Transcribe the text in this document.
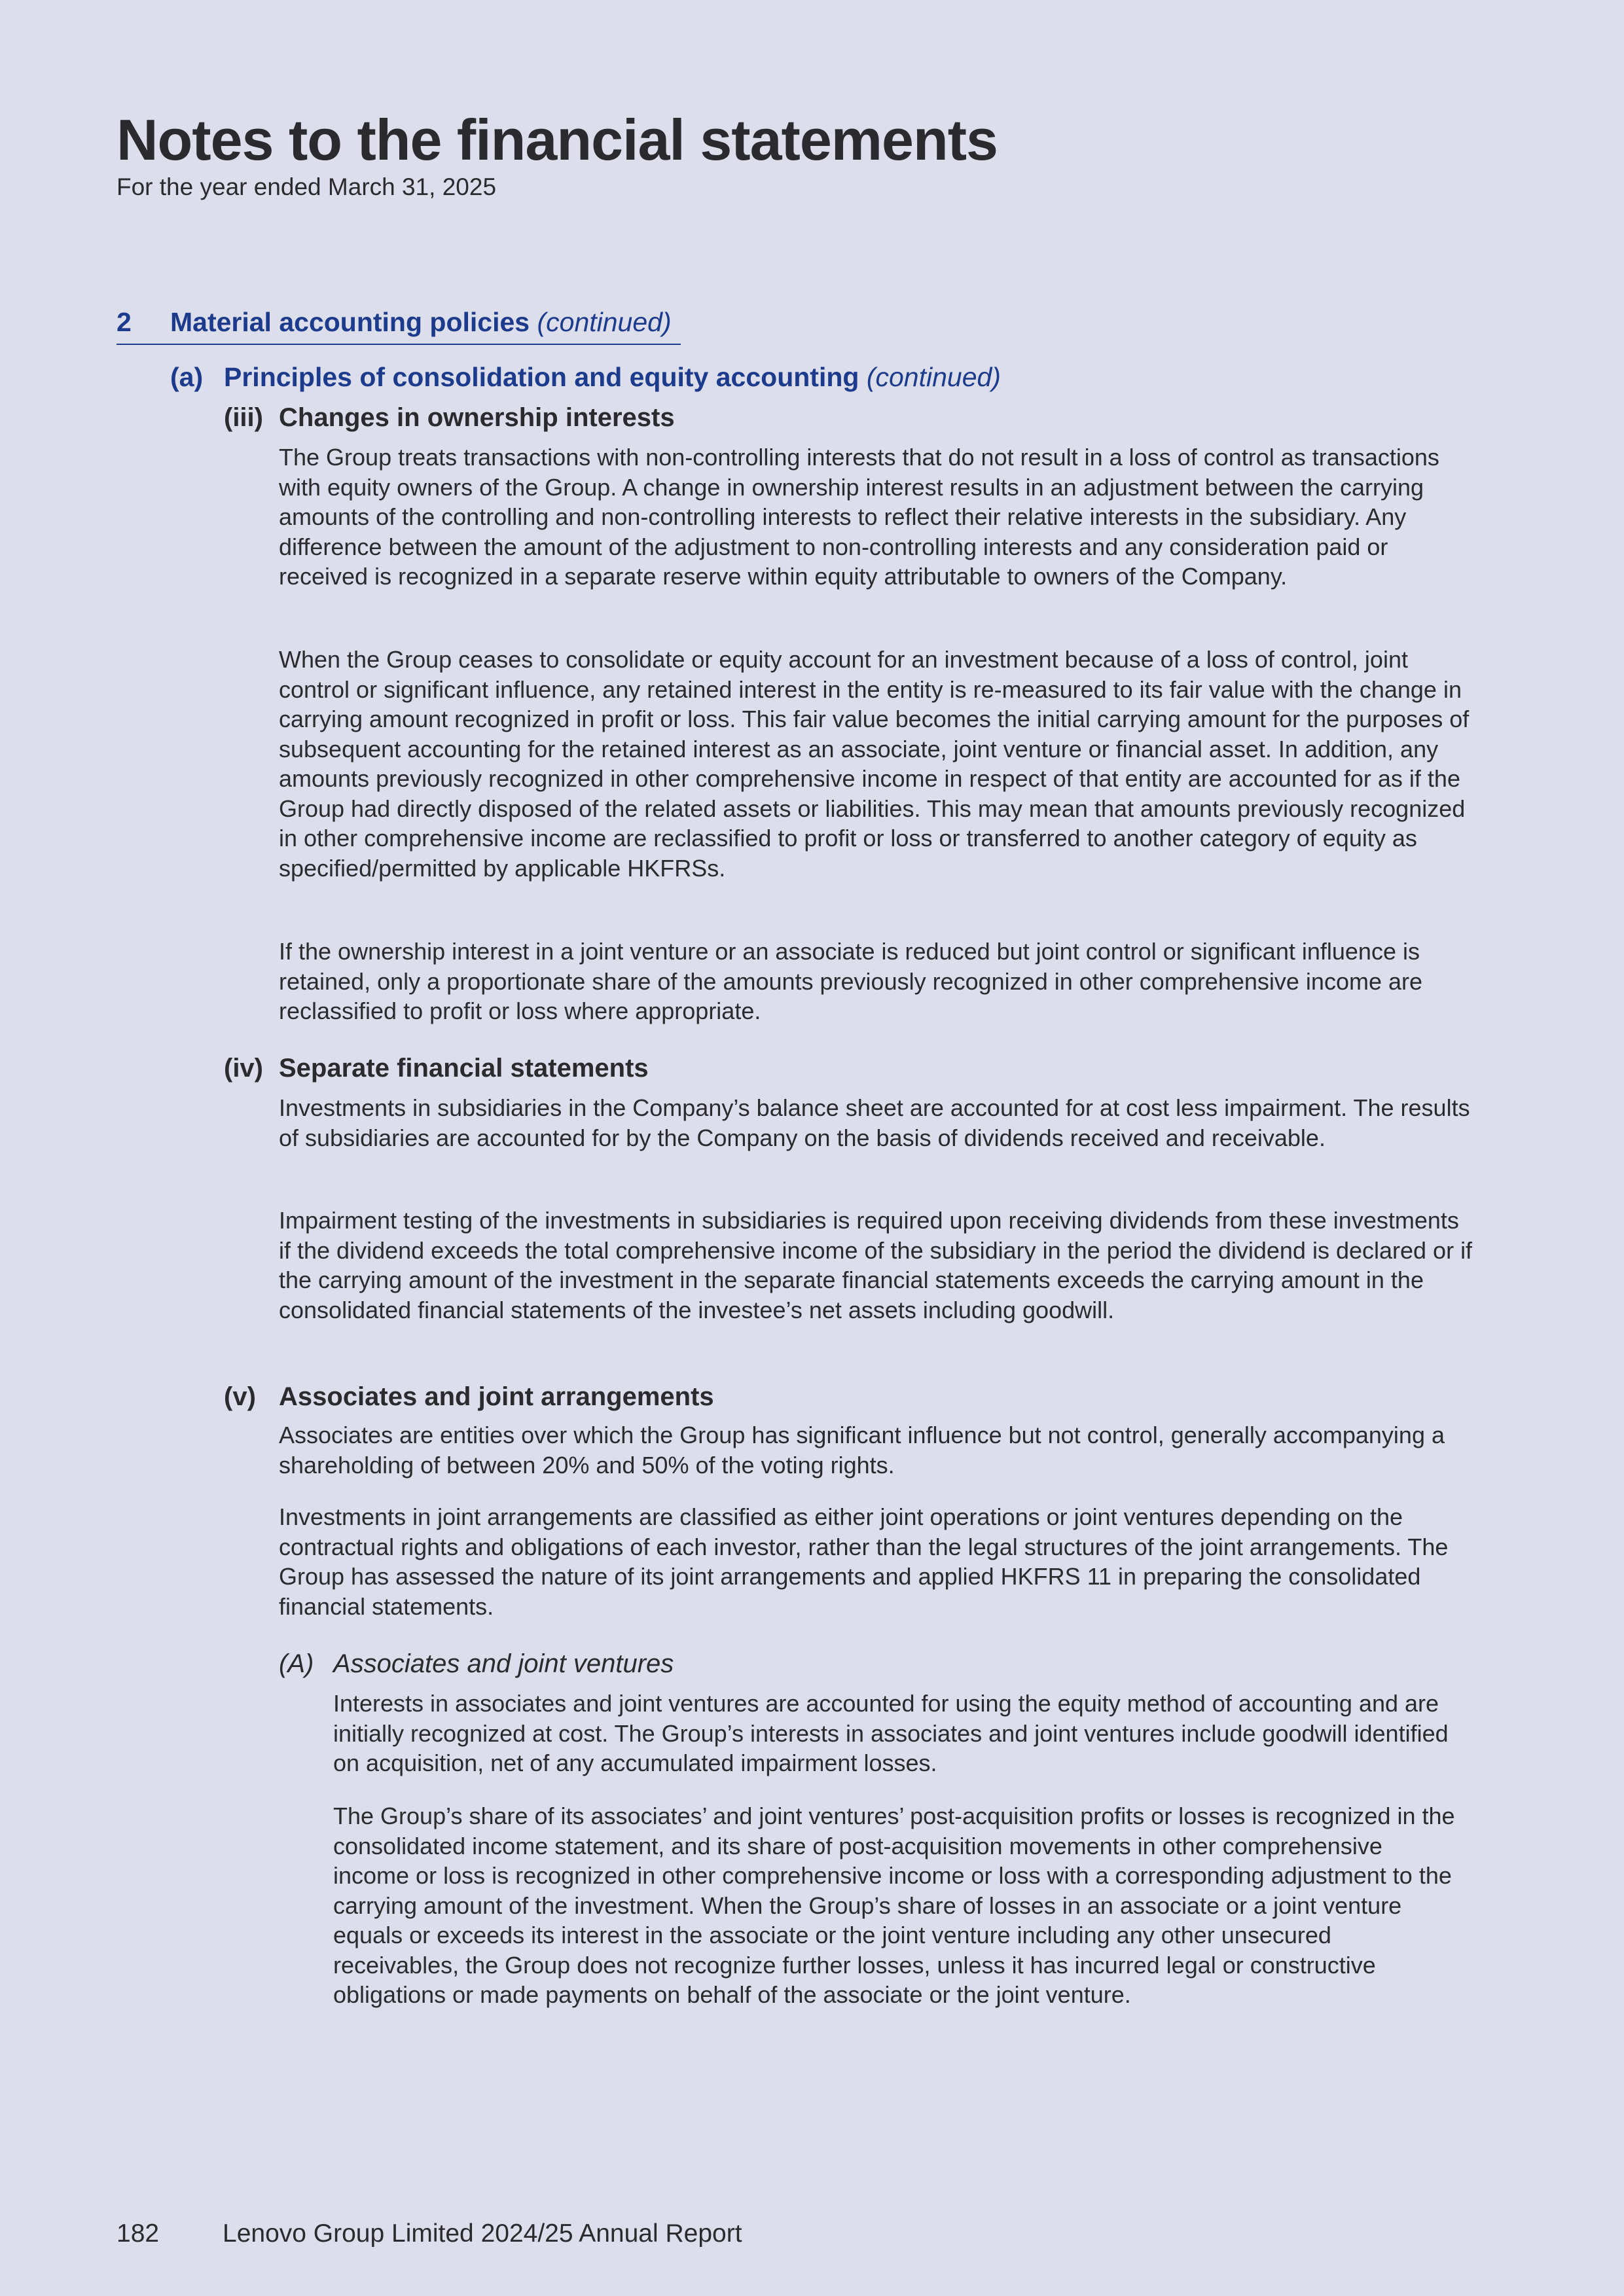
Notes to the financial statements
For the year ended March 31, 2025
2 Material accounting policies (continued)
(a) Principles of consolidation and equity accounting (continued)
(iii) Changes in ownership interests

The Group treats transactions with non-controlling interests that do not result in a loss of control as transactions with equity owners of the Group. A change in ownership interest results in an adjustment between the carrying amounts of the controlling and non-controlling interests to reflect their relative interests in the subsidiary. Any difference between the amount of the adjustment to non-controlling interests and any consideration paid or received is recognized in a separate reserve within equity attributable to owners of the Company.

When the Group ceases to consolidate or equity account for an investment because of a loss of control, joint control or significant influence, any retained interest in the entity is re-measured to its fair value with the change in carrying amount recognized in profit or loss. This fair value becomes the initial carrying amount for the purposes of subsequent accounting for the retained interest as an associate, joint venture or financial asset. In addition, any amounts previously recognized in other comprehensive income in respect of that entity are accounted for as if the Group had directly disposed of the related assets or liabilities. This may mean that amounts previously recognized in other comprehensive income are reclassified to profit or loss or transferred to another category of equity as specified/permitted by applicable HKFRSs.

If the ownership interest in a joint venture or an associate is reduced but joint control or significant influence is retained, only a proportionate share of the amounts previously recognized in other comprehensive income are reclassified to profit or loss where appropriate.

(iv) Separate financial statements

Investments in subsidiaries in the Company’s balance sheet are accounted for at cost less impairment. The results of subsidiaries are accounted for by the Company on the basis of dividends received and receivable.

Impairment testing of the investments in subsidiaries is required upon receiving dividends from these investments if the dividend exceeds the total comprehensive income of the subsidiary in the period the dividend is declared or if the carrying amount of the investment in the separate financial statements exceeds the carrying amount in the consolidated financial statements of the investee’s net assets including goodwill.

(v) Associates and joint arrangements

Associates are entities over which the Group has significant influence but not control, generally accompanying a shareholding of between 20% and 50% of the voting rights.

Investments in joint arrangements are classified as either joint operations or joint ventures depending on the contractual rights and obligations of each investor, rather than the legal structures of the joint arrangements. The Group has assessed the nature of its joint arrangements and applied HKFRS 11 in preparing the consolidated financial statements.

(A) Associates and joint ventures

Interests in associates and joint ventures are accounted for using the equity method of accounting and are initially recognized at cost. The Group’s interests in associates and joint ventures include goodwill identified on acquisition, net of any accumulated impairment losses.

The Group’s share of its associates’ and joint ventures’ post-acquisition profits or losses is recognized in the consolidated income statement, and its share of post-acquisition movements in other comprehensive income or loss is recognized in other comprehensive income or loss with a corresponding adjustment to the carrying amount of the investment. When the Group’s share of losses in an associate or a joint venture equals or exceeds its interest in the associate or the joint venture including any other unsecured receivables, the Group does not recognize further losses, unless it has incurred legal or constructive obligations or made payments on behalf of the associate or the joint venture.

182 Lenovo Group Limited 2024/25 Annual Report
